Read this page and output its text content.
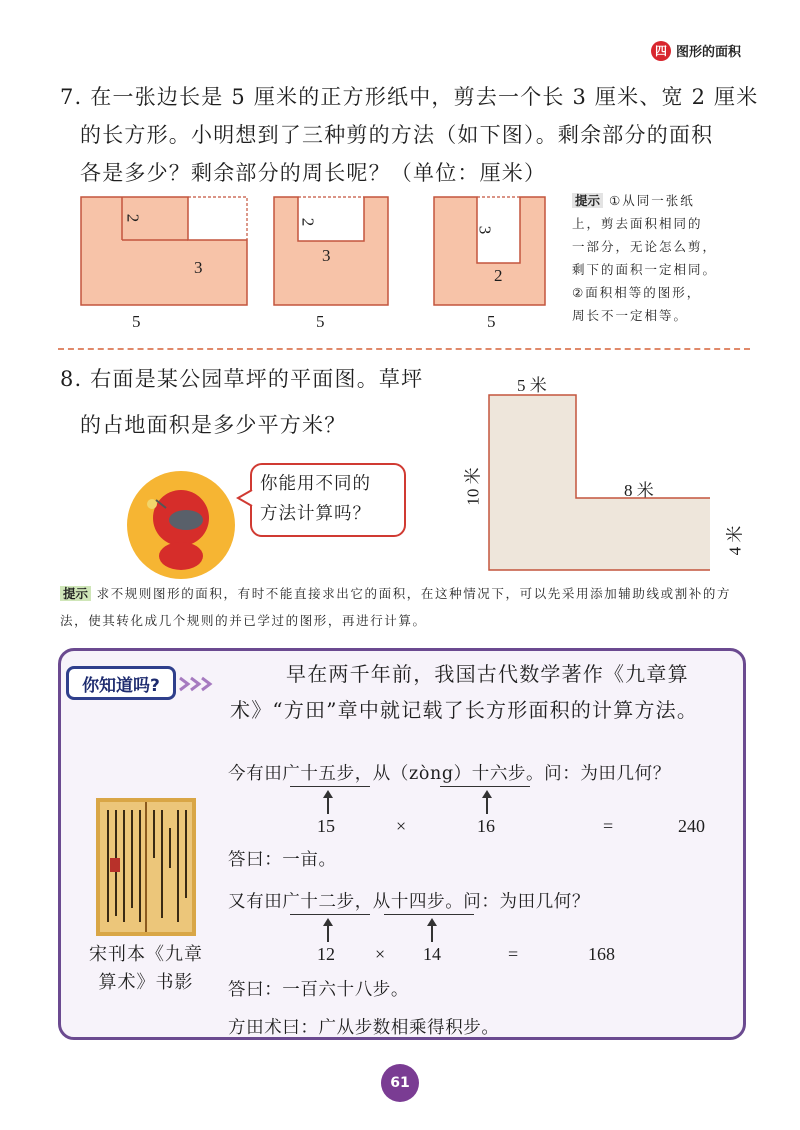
四 图形的面积
7. 在一张边长是 5 厘米的正方形纸中，剪去一个长 3 厘米、宽 2 厘米
的长方形。小明想到了三种剪的方法（如下图）。剩余部分的面积
各是多少？剩余部分的周长呢？（单位：厘米）
2
3
5
2
3
5
3
2
5
提示 ①从同一张纸
上，剪去面积相同的
一部分，无论怎么剪，
剩下的面积一定相同。
②面积相等的图形，
周长不一定相等。
8. 右面是某公园草坪的平面图。草坪
的占地面积是多少平方米？
5 米
10 米	8 米
4 米
你能用不同的
方法计算吗？
提示 求不规则图形的面积，有时不能直接求出它的面积，在这种情况下，可以先采用添加辅助线或割补的方法，使其转化成几个规则的并已学过的图形，再进行计算。
你知道吗?	早在两千年前，我国古代数学著作《九章算
术》“方田”章中就记载了长方形面积的计算方法。
今有田广十五步，从（zòng）十六步。问：为田几何？
15	×	16	=	240
答曰：一亩。
又有田广十二步，从十四步。问：为田几何？
12 × 14	=	168
答曰：一百六十八步。
方田术曰：广从步数相乘得积步。
宋刊本《九章
算术》书影
61
